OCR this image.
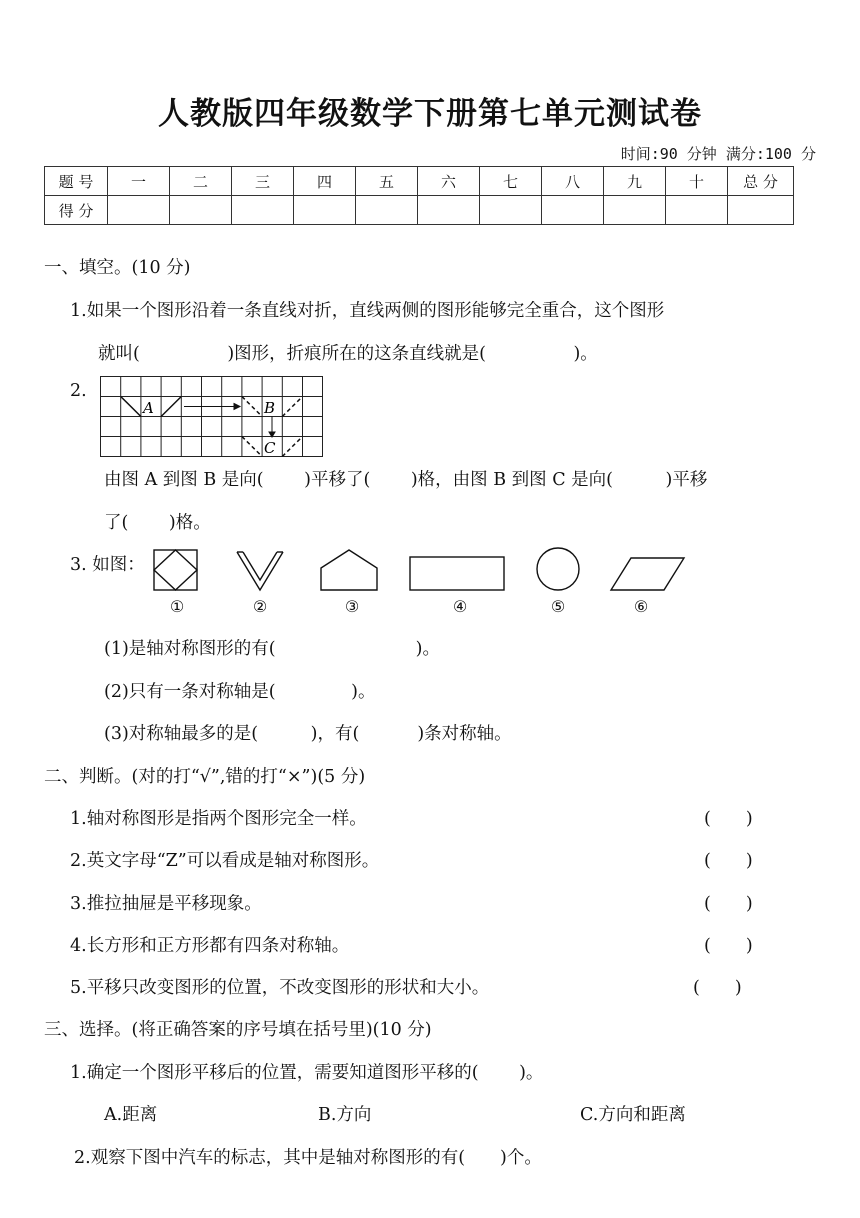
人教版四年级数学下册第七单元测试卷
时间:90 分钟 满分:100 分
题 号	一	二	三	四	五	六	七	八	九	十	总 分
得 分											
一、填空。(10 分)
1.如果一个图形沿着一条直线对折，直线两侧的图形能够完全重合，这个图形
就叫(　　　　　)图形，折痕所在的这条直线就是(　　　　　)。
2.
A	B
C
由图 A 到图 B 是向(　　 )平移了(　　 )格，由图 B 到图 C 是向(　　　)平移
了(　　 )格。
3. 如图：
①	②	③	④	⑤	⑥
(1)是轴对称图形的有(　　　　　　　　)。
(2)只有一条对称轴是(　　　　 )。
(3)对称轴最多的是(　　　)，有(　　　 )条对称轴。
二、判断。(对的打“√”,错的打“×”)(5 分)
1.轴对称图形是指两个图形完全一样。	(　　)
2.英文字母“Z”可以看成是轴对称图形。	(　　)
3.推拉抽屉是平移现象。	(　　)
4.长方形和正方形都有四条对称轴。	(　　)
5.平移只改变图形的位置，不改变图形的形状和大小。	(　　)
三、选择。(将正确答案的序号填在括号里)(10 分)
1.确定一个图形平移后的位置，需要知道图形平移的(　　 )。
A.距离	B.方向	C.方向和距离
2.观察下图中汽车的标志，其中是轴对称图形的有(　　)个。
